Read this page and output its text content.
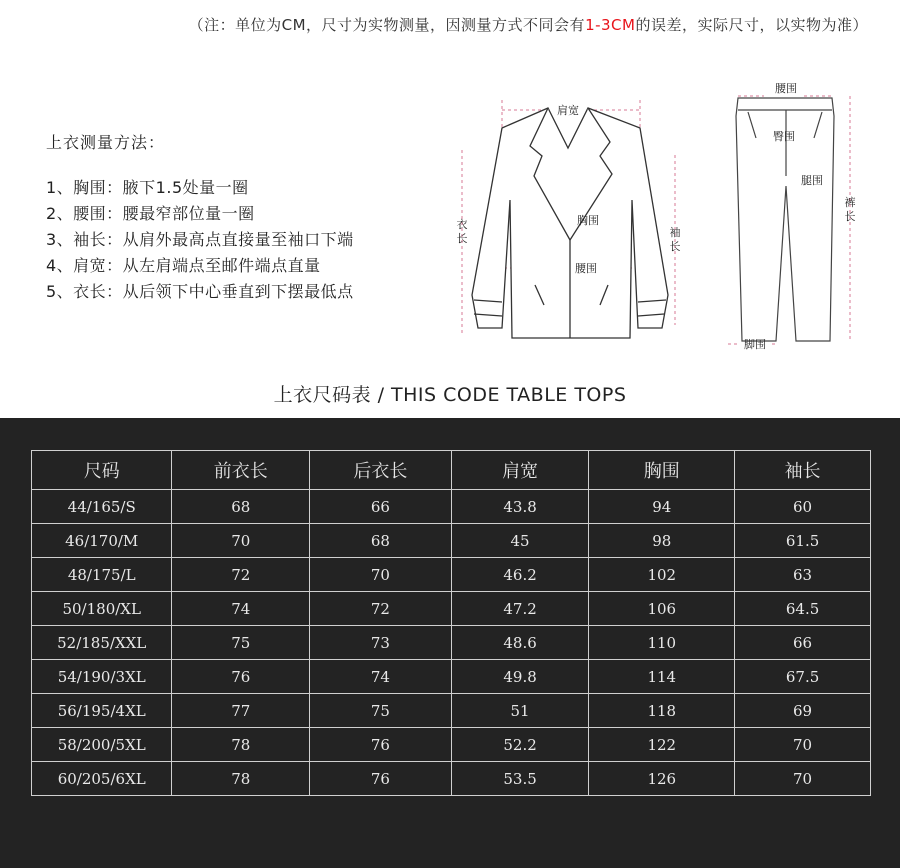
（注：单位为CM，尺寸为实物测量，因测量方式不同会有1-3CM的误差，实际尺寸，以实物为准）
上衣测量方法：
1、胸围：腋下1.5处量一圈
2、腰围：腰最窄部位量一圈
3、袖长：从肩外最高点直接量至袖口下端
4、肩宽：从左肩端点至邮件端点直量
5、衣长：从后领下中心垂直到下摆最低点
肩宽
胸围
腰围
衣
长	袖
长
腰围
臀围
腿围
脚围
裤
长
上衣尺码表 / THIS CODE TABLE TOPS
尺码	前衣长	后衣长	肩宽	胸围	袖长
44/165/S	68	66	43.8	94	60
46/170/M	70	68	45	98	61.5
48/175/L	72	70	46.2	102	63
50/180/XL	74	72	47.2	106	64.5
52/185/XXL	75	73	48.6	110	66
54/190/3XL	76	74	49.8	114	67.5
56/195/4XL	77	75	51	118	69
58/200/5XL	78	76	52.2	122	70
60/205/6XL	78	76	53.5	126	70
